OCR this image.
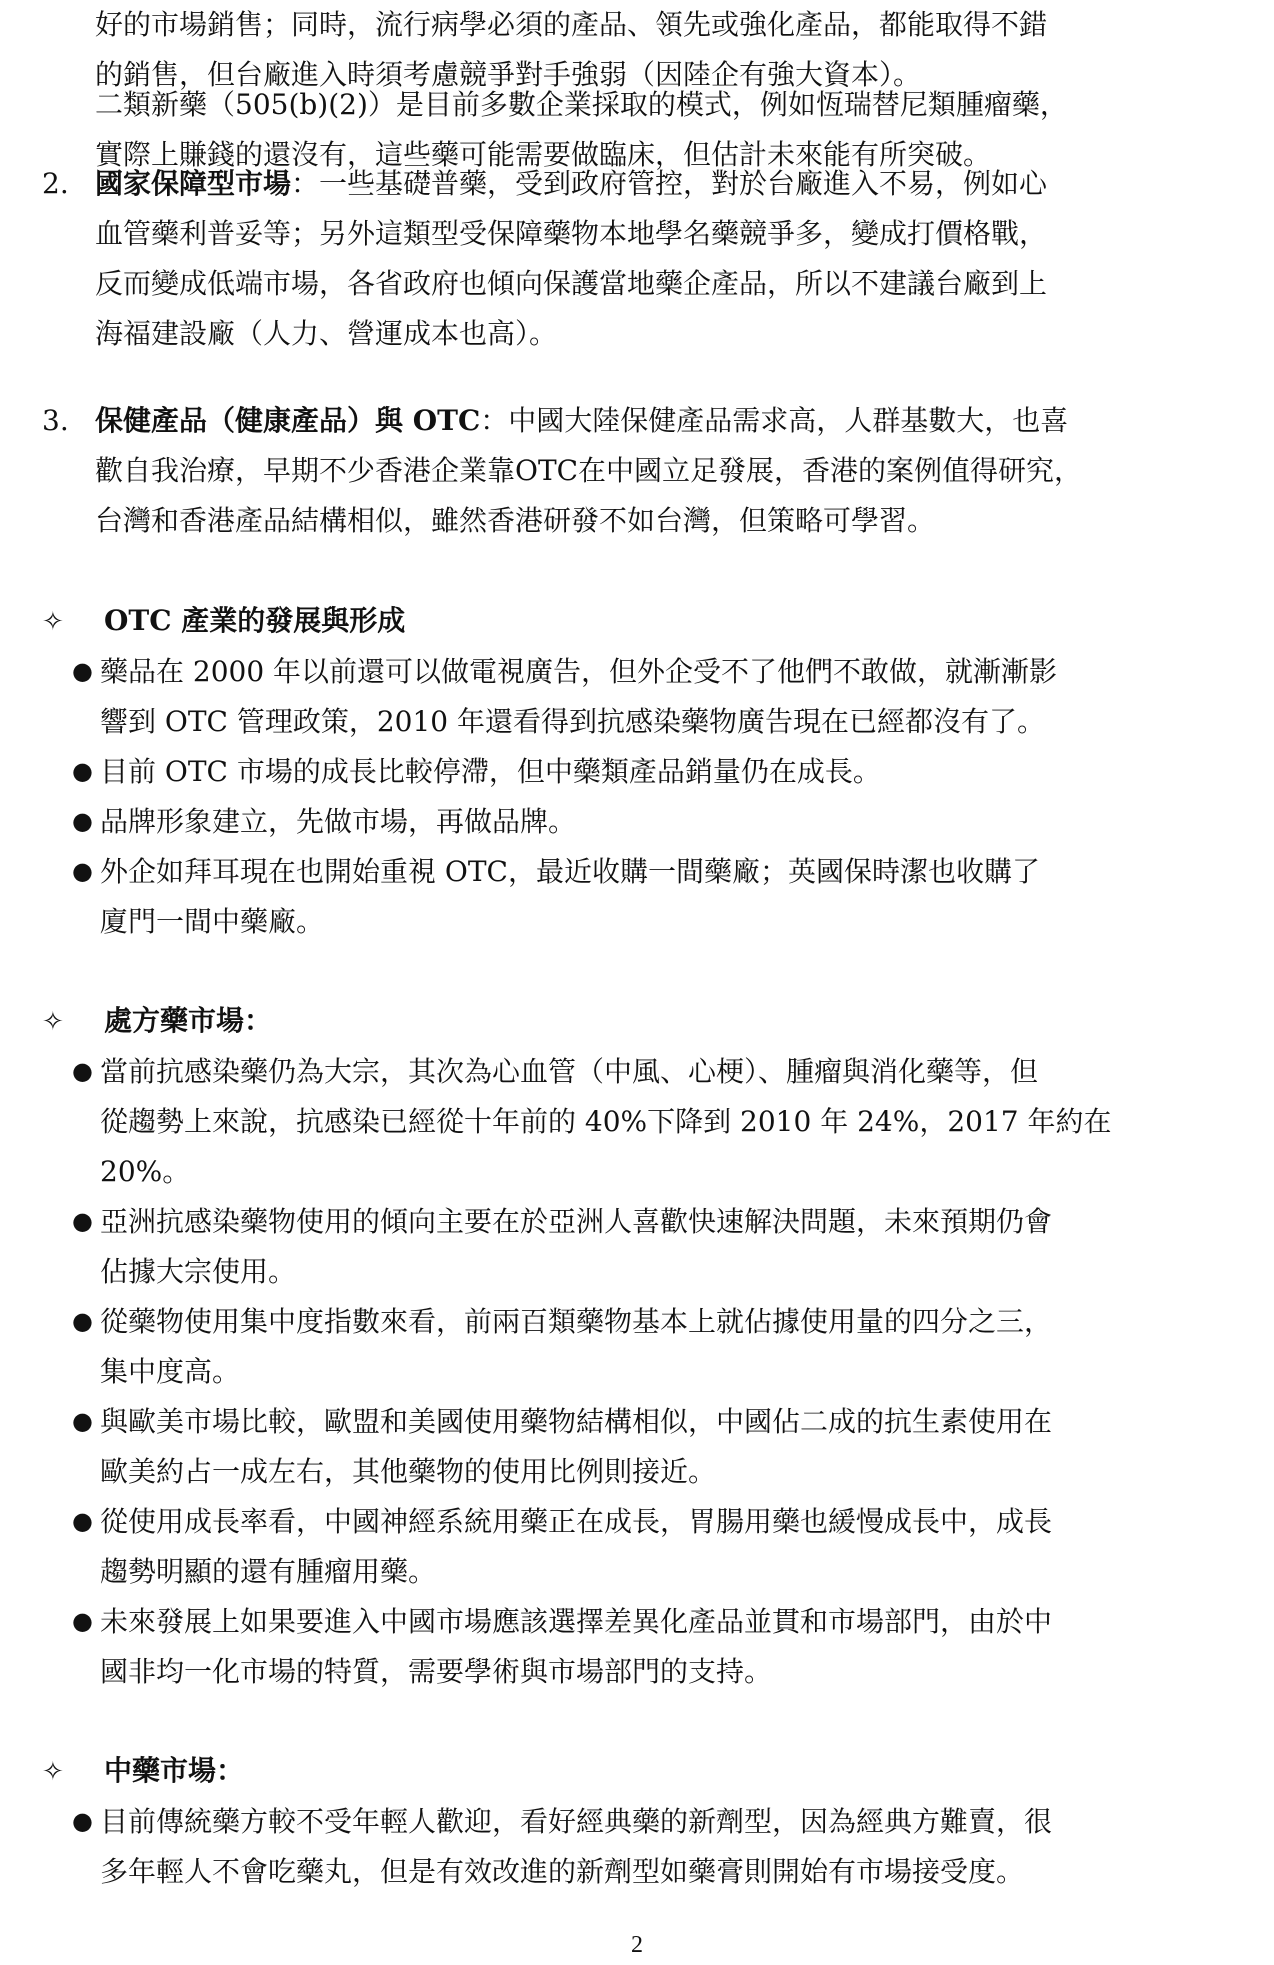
好的市場銷售；同時，流行病學必須的產品、領先或強化產品，都能取得不錯
的銷售，但台廠進入時須考慮競爭對手強弱（因陸企有強大資本）。
二類新藥（505(b)(2)）是目前多數企業採取的模式，例如恆瑞替尼類腫瘤藥，
實際上賺錢的還沒有，這些藥可能需要做臨床，但估計未來能有所突破。
2. 國家保障型市場：一些基礎普藥，受到政府管控，對於台廠進入不易，例如心
血管藥利普妥等；另外這類型受保障藥物本地學名藥競爭多，變成打價格戰，
反而變成低端市場，各省政府也傾向保護當地藥企產品，所以不建議台廠到上
海福建設廠（人力、營運成本也高）。
3. 保健產品（健康產品）與 OTC：中國大陸保健產品需求高，人群基數大，也喜
歡自我治療，早期不少香港企業靠OTC在中國立足發展，香港的案例值得研究，
台灣和香港產品結構相似，雖然香港研發不如台灣，但策略可學習。
✧ OTC 產業的發展與形成
● 藥品在 2000 年以前還可以做電視廣告，但外企受不了他們不敢做，就漸漸影
響到 OTC 管理政策，2010 年還看得到抗感染藥物廣告現在已經都沒有了。
● 目前 OTC 市場的成長比較停滯，但中藥類產品銷量仍在成長。
● 品牌形象建立，先做市場，再做品牌。
● 外企如拜耳現在也開始重視 OTC，最近收購一間藥廠；英國保時潔也收購了
廈門一間中藥廠。
✧ 處方藥市場：
● 當前抗感染藥仍為大宗，其次為心血管（中風、心梗）、腫瘤與消化藥等，但
從趨勢上來說，抗感染已經從十年前的 40%下降到 2010 年 24%，2017 年約在
20%。
● 亞洲抗感染藥物使用的傾向主要在於亞洲人喜歡快速解決問題，未來預期仍會
佔據大宗使用。
● 從藥物使用集中度指數來看，前兩百類藥物基本上就佔據使用量的四分之三，
集中度高。
● 與歐美市場比較，歐盟和美國使用藥物結構相似，中國佔二成的抗生素使用在
歐美約占一成左右，其他藥物的使用比例則接近。
● 從使用成長率看，中國神經系統用藥正在成長，胃腸用藥也緩慢成長中，成長
趨勢明顯的還有腫瘤用藥。
● 未來發展上如果要進入中國市場應該選擇差異化產品並貫和市場部門，由於中
國非均一化市場的特質，需要學術與市場部門的支持。
✧ 中藥市場：
● 目前傳統藥方較不受年輕人歡迎，看好經典藥的新劑型，因為經典方難賣，很
多年輕人不會吃藥丸，但是有效改進的新劑型如藥膏則開始有市場接受度。
2
